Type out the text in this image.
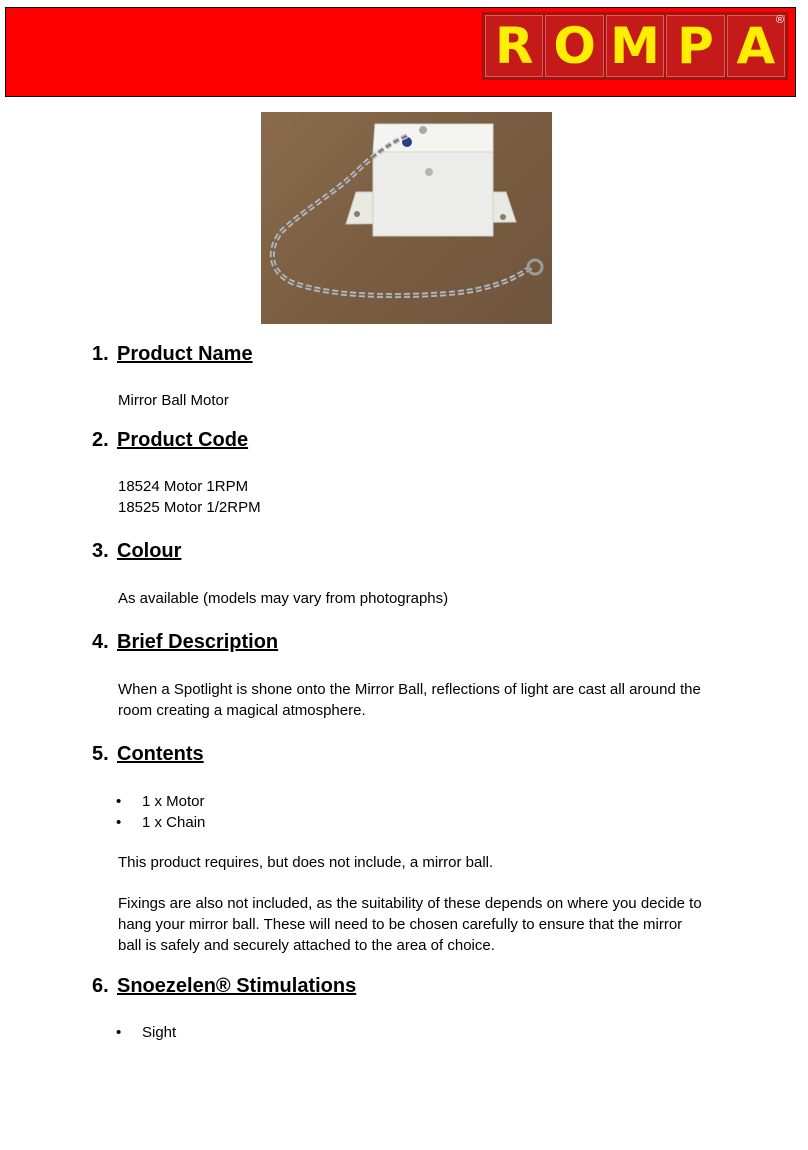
R O M P A ®
1. Product Name

Mirror Ball Motor

2. Product Code

18524 Motor 1RPM

18525 Motor 1/2RPM

3. Colour

As available (models may vary from photographs)

4. Brief Description

When a Spotlight is shone onto the Mirror Ball, reflections of light are cast all around the

room creating a magical atmosphere.

5. Contents
• 1 x Motor
• 1 x Chain

This product requires, but does not include, a mirror ball.

Fixings are also not included, as the suitability of these depends on where you decide to

hang your mirror ball. These will need to be chosen carefully to ensure that the mirror

ball is safely and securely attached to the area of choice.

6. Snoezelen® Stimulations
• Sight
